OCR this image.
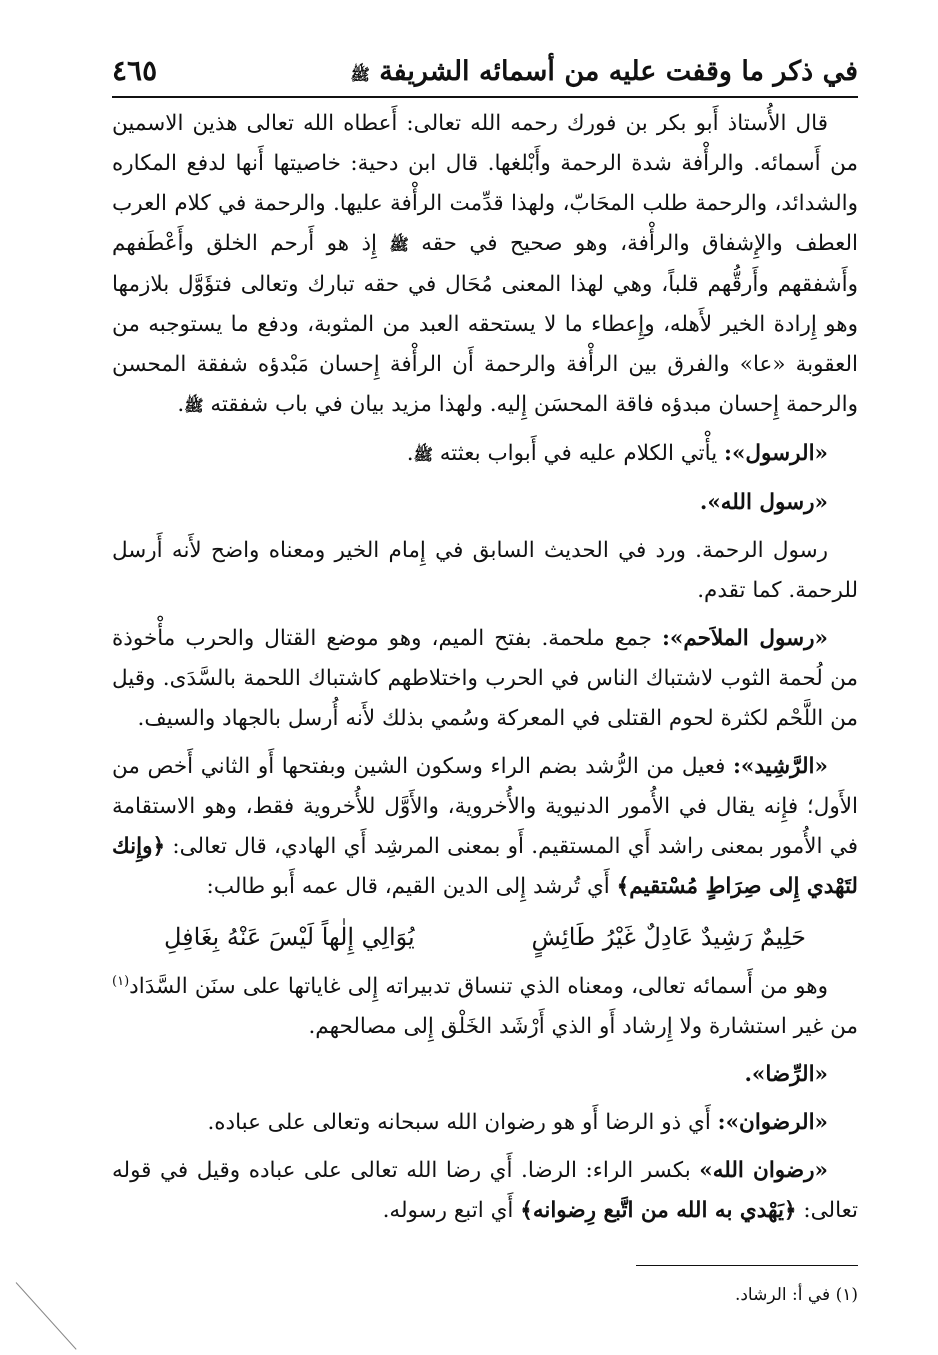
في ذكر ما وقفت عليه من أسمائه الشريفة ﷺ
٤٦٥

قال الأُستاذ أَبو بكر بن فورك رحمه الله تعالى: أَعطاه الله تعالى هذين الاسمين من أَسمائه. والرأْفة شدة الرحمة وأَبْلغها. قال ابن دحية: خاصيتها أَنها لدفع المكاره والشدائد، والرحمة طلب المحَابّ، ولهذا قدِّمت الرأْفة عليها. والرحمة في كلام العرب العطف والإِشفاق والرأْفة، وهو صحيح في حقه ﷺ إِذ هو أَرحم الخلق وأَعْطَفهم وأَشفقهم وأَرقُّهم قلباً، وهي لهذا المعنى مُحَال في حقه تبارك وتعالى فتؤَوَّل بلازمها وهو إِرادة الخير لأَهله، وإِعطاء ما لا يستحقه العبد من المثوبة، ودفع ما يستوجبه من العقوبة «عا» والفرق بين الرأْفة والرحمة أَن الرأْفة إِحسان مَبْدؤه شفقة المحسن والرحمة إِحسان مبدؤه فاقة المحسَن إِليه. ولهذا مزيد بيان في باب شفقته ﷺ.

«الرسول»: يأْتي الكلام عليه في أَبواب بعثته ﷺ.

«رسول الله».

رسول الرحمة. ورد في الحديث السابق في إِمام الخير ومعناه واضح لأَنه أَرسل للرحمة. كما تقدم.

«رسول الملاَحم»: جمع ملحمة. بفتح الميم، وهو موضع القتال والحرب مأْخوذة من لُحمة الثوب لاشتباك الناس في الحرب واختلاطهم كاشتباك اللحمة بالسَّدَى. وقيل من اللَّحْم لكثرة لحوم القتلى في المعركة وسُمي بذلك لأَنه أُرسل بالجهاد والسيف.

«الرَّشِيد»: فعيل من الرُّشد بضم الراء وسكون الشين وبفتحها أَو الثاني أَخص من الأَول؛ فإِنه يقال في الأُمور الدنيوية والأُخروية، والأَوَّل للأُخروية فقط، وهو الاستقامة في الأُمور بمعنى راشد أَي المستقيم. أَو بمعنى المرشِد أَي الهادي، قال تعالى: ﴿وإِنك لتَهْدي إِلى صِرَاطٍ مُسْتقيم﴾ أَي تُرشد إِلى الدين القيم، قال عمه أَبو طالب:

حَلِيمٌ رَشِيدٌ عَادِلٌ غَيْرُ طَائِشٍ
يُوَالِي إِلٰهاً لَيْسَ عَنْهُ بِغَافِلِ

وهو من أَسمائه تعالى، ومعناه الذي تنساق تدبيراته إِلى غاياتها على سنَن السَّدَاد$^{(١)}$ من غير استشارة ولا إِرشاد أَو الذي أَرْشَد الخَلْق إِلى مصالحهم.

«الرِّضا».

«الرضوان»: أَي ذو الرضا أَو هو رضوان الله سبحانه وتعالى على عباده.

«رضوان الله» بكسر الراء: الرضا. أَي رضا الله تعالى على عباده وقيل في قوله تعالى: ﴿يَهْدي به الله من اتَّبع رِضوانه﴾ أَي اتبع رسوله.

(١) في أ: الرشاد.
